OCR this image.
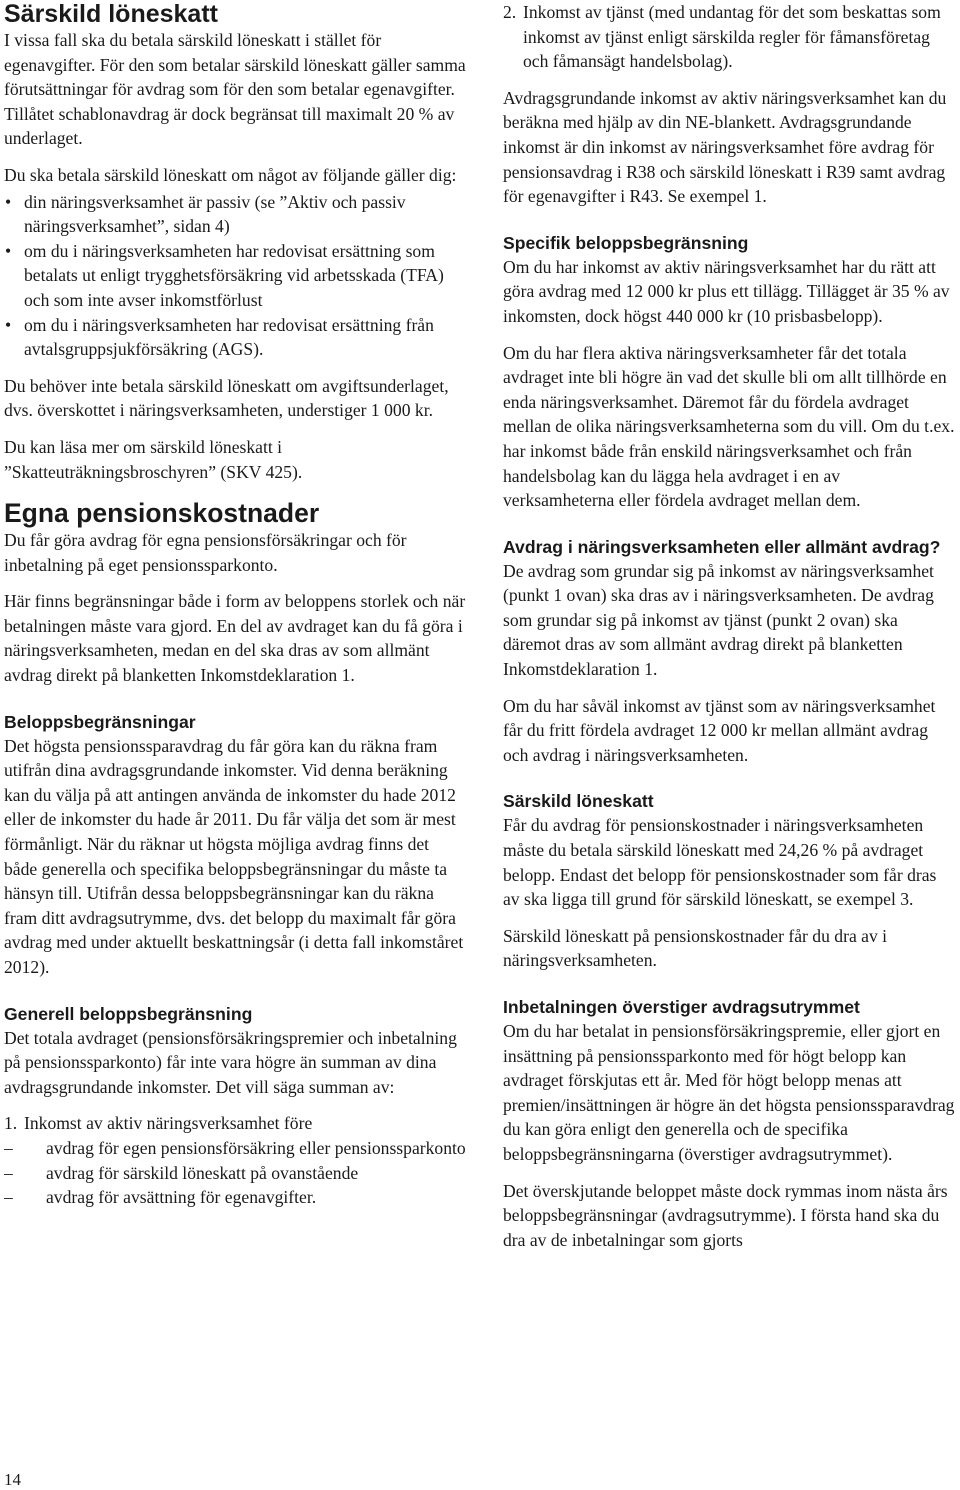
Särskild löneskatt

I vissa fall ska du betala särskild löneskatt i stället för egenavgifter. För den som betalar särskild löneskatt gäller samma förutsättningar för avdrag som för den som betalar egenavgifter. Tillåtet schablonavdrag är dock begränsat till maximalt 20 % av underlaget.

Du ska betala särskild löneskatt om något av följande gäller dig:

• din näringsverksamhet är passiv (se ”Aktiv och passiv näringsverksamhet”, sidan 4)
• om du i näringsverksamheten har redovisat ersättning som betalats ut enligt trygghetsförsäkring vid arbetsskada (TFA) och som inte avser inkomstförlust
• om du i näringsverksamheten har redovisat ersättning från avtalsgruppsjukförsäkring (AGS).

Du behöver inte betala särskild löneskatt om avgiftsunderlaget, dvs. överskottet i näringsverksamheten, understiger 1 000 kr.

Du kan läsa mer om särskild löneskatt i ”Skatteuträkningsbroschyren” (SKV 425).

Egna pensionskostnader

Du får göra avdrag för egna pensionsförsäkringar och för inbetalning på eget pensionssparkonto.

Här finns begränsningar både i form av beloppens storlek och när betalningen måste vara gjord. En del av avdraget kan du få göra i näringsverksamheten, medan en del ska dras av som allmänt avdrag direkt på blanketten Inkomstdeklaration 1.

Beloppsbegränsningar

Det högsta pensionssparavdrag du får göra kan du räkna fram utifrån dina avdragsgrundande inkomster. Vid denna beräkning kan du välja på att antingen använda de inkomster du hade 2012 eller de inkomster du hade år 2011. Du får välja det som är mest förmånligt. När du räknar ut högsta möjliga avdrag finns det både generella och specifika beloppsbegränsningar du måste ta hänsyn till. Utifrån dessa beloppsbegränsningar kan du räkna fram ditt avdragsutrymme, dvs. det belopp du maximalt får göra avdrag med under aktuellt beskattningsår (i detta fall inkomståret 2012).

Generell beloppsbegränsning

Det totala avdraget (pensionsförsäkringspremier och inbetalning på pensionssparkonto) får inte vara högre än summan av dina avdragsgrundande inkomster. Det vill säga summan av:

1. Inkomst av aktiv näringsverksamhet före
– avdrag för egen pensionsförsäkring eller pensionssparkonto
– avdrag för särskild löneskatt på ovanstående
– avdrag för avsättning för egenavgifter.
2. Inkomst av tjänst (med undantag för det som beskattas som inkomst av tjänst enligt särskilda regler för fåmansföretag och fåmansägt handelsbolag).

Avdragsgrundande inkomst av aktiv näringsverksamhet kan du beräkna med hjälp av din NE-blankett. Avdragsgrundande inkomst är din inkomst av näringsverksamhet före avdrag för pensionsavdrag i R38 och särskild löneskatt i R39 samt avdrag för egenavgifter i R43. Se exempel 1.

Specifik beloppsbegränsning

Om du har inkomst av aktiv näringsverksamhet har du rätt att göra avdrag med 12 000 kr plus ett tillägg. Tillägget är 35 % av inkomsten, dock högst 440 000 kr (10 prisbasbelopp).

Om du har flera aktiva näringsverksamheter får det totala avdraget inte bli högre än vad det skulle bli om allt tillhörde en enda näringsverksamhet. Däremot får du fördela avdraget mellan de olika näringsverksamheterna som du vill. Om du t.ex. har inkomst både från enskild näringsverksamhet och från handelsbolag kan du lägga hela avdraget i en av verksamheterna eller fördela avdraget mellan dem.

Avdrag i näringsverksamheten eller allmänt avdrag?

De avdrag som grundar sig på inkomst av näringsverksamhet (punkt 1 ovan) ska dras av i näringsverksamheten. De avdrag som grundar sig på inkomst av tjänst (punkt 2 ovan) ska däremot dras av som allmänt avdrag direkt på blanketten Inkomstdeklaration 1.

Om du har såväl inkomst av tjänst som av näringsverksamhet får du fritt fördela avdraget 12 000 kr mellan allmänt avdrag och avdrag i näringsverksamheten.

Särskild löneskatt

Får du avdrag för pensionskostnader i näringsverksamheten måste du betala särskild löneskatt med 24,26 % på avdraget belopp. Endast det belopp för pensionskostnader som får dras av ska ligga till grund för särskild löneskatt, se exempel 3.

Särskild löneskatt på pensionskostnader får du dra av i näringsverksamheten.

Inbetalningen överstiger avdragsutrymmet

Om du har betalat in pensionsförsäkringspremie, eller gjort en insättning på pensionssparkonto med för högt belopp kan avdraget förskjutas ett år. Med för högt belopp menas att premien/insättningen är högre än det högsta pensionssparavdrag du kan göra enligt den generella och de specifika beloppsbegränsningarna (överstiger avdragsutrymmet).

Det överskjutande beloppet måste dock rymmas inom nästa års beloppsbegränsningar (avdragsutrymme). I första hand ska du dra av de inbetalningar som gjorts

14
